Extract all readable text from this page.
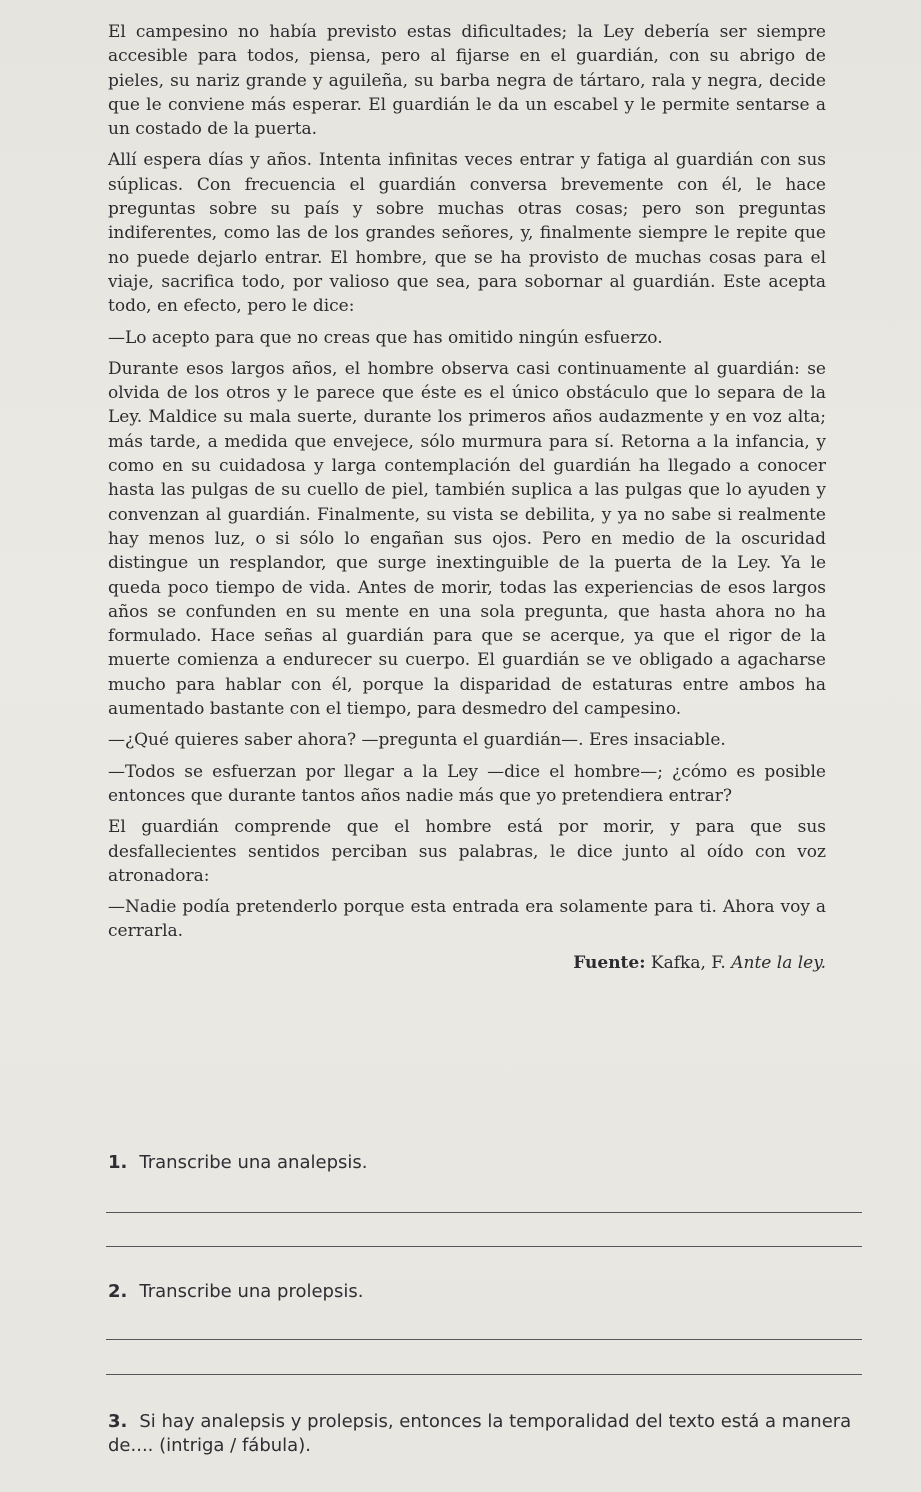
El campesino no había previsto estas dificultades; la Ley debería ser siempre accesible para todos, piensa, pero al fijarse en el guardián, con su abrigo de pieles, su nariz grande y aguileña, su barba negra de tártaro, rala y negra, decide que le conviene más esperar. El guardián le da un escabel y le permite sentarse a un costado de la puerta.

Allí espera días y años. Intenta infinitas veces entrar y fatiga al guardián con sus súplicas. Con frecuencia el guardián conversa brevemente con él, le hace preguntas sobre su país y sobre muchas otras cosas; pero son preguntas indiferentes, como las de los grandes señores, y, finalmente siempre le repite que no puede dejarlo entrar. El hombre, que se ha provisto de muchas cosas para el viaje, sacrifica todo, por valioso que sea, para sobornar al guardián. Este acepta todo, en efecto, pero le dice:

—Lo acepto para que no creas que has omitido ningún esfuerzo.

Durante esos largos años, el hombre observa casi continuamente al guardián: se olvida de los otros y le parece que éste es el único obstáculo que lo separa de la Ley. Maldice su mala suerte, durante los primeros años audazmente y en voz alta; más tarde, a medida que envejece, sólo murmura para sí. Retorna a la infancia, y como en su cuidadosa y larga contemplación del guardián ha llegado a conocer hasta las pulgas de su cuello de piel, también suplica a las pulgas que lo ayuden y convenzan al guardián. Finalmente, su vista se debilita, y ya no sabe si realmente hay menos luz, o si sólo lo engañan sus ojos. Pero en medio de la oscuridad distingue un resplandor, que surge inextinguible de la puerta de la Ley. Ya le queda poco tiempo de vida. Antes de morir, todas las experiencias de esos largos años se confunden en su mente en una sola pregunta, que hasta ahora no ha formulado. Hace señas al guardián para que se acerque, ya que el rigor de la muerte comienza a endurecer su cuerpo. El guardián se ve obligado a agacharse mucho para hablar con él, porque la disparidad de estaturas entre ambos ha aumentado bastante con el tiempo, para desmedro del campesino.

—¿Qué quieres saber ahora? —pregunta el guardián—. Eres insaciable.

—Todos se esfuerzan por llegar a la Ley —dice el hombre—; ¿cómo es posible entonces que durante tantos años nadie más que yo pretendiera entrar?

El guardián comprende que el hombre está por morir, y para que sus desfallecientes sentidos perciban sus palabras, le dice junto al oído con voz atronadora:

—Nadie podía pretenderlo porque esta entrada era solamente para ti. Ahora voy a cerrarla.

Fuente: Kafka, F. Ante la ley.

1. Transcribe una analepsis.
2. Transcribe una prolepsis.
3. Si hay analepsis y prolepsis, entonces la temporalidad del texto está a manera de.... (intriga / fábula).
